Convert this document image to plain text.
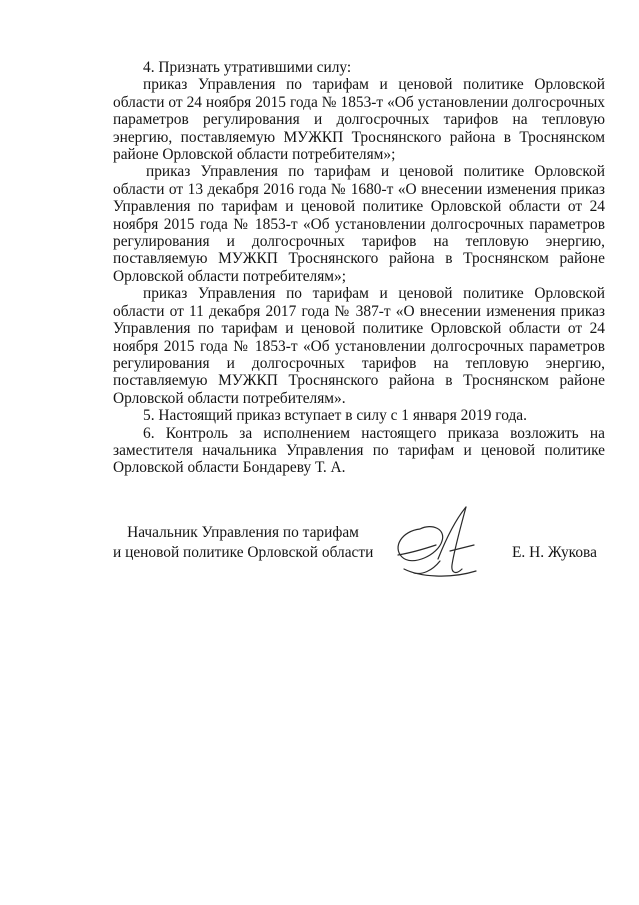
4. Признать утратившими силу:

приказ Управления по тарифам и ценовой политике Орловской области от 24 ноября 2015 года № 1853-т «Об установлении долгосрочных параметров регулирования и долгосрочных тарифов на тепловую энергию, поставляемую МУЖКП Троснянского района в Троснянском районе Орловской области потребителям»;

приказ Управления по тарифам и ценовой политике Орловской области от 13 декабря 2016 года № 1680-т «О внесении изменения приказ Управления по тарифам и ценовой политике Орловской области от 24 ноября 2015 года № 1853-т «Об установлении долгосрочных параметров регулирования и долгосрочных тарифов на тепловую энергию, поставляемую МУЖКП Троснянского района в Троснянском районе Орловской области потребителям»;

приказ Управления по тарифам и ценовой политике Орловской области от 11 декабря 2017 года № 387-т «О внесении изменения приказ Управления по тарифам и ценовой политике Орловской области от 24 ноября 2015 года № 1853-т «Об установлении долгосрочных параметров регулирования и долгосрочных тарифов на тепловую энергию, поставляемую МУЖКП Троснянского района в Троснянском районе Орловской области потребителям».

5. Настоящий приказ вступает в силу с 1 января 2019 года.

6. Контроль за исполнением настоящего приказа возложить на заместителя начальника Управления по тарифам и ценовой политике Орловской области Бондареву Т. А.

Начальник Управления по тарифам
и ценовой политике Орловской области	Е. Н. Жукова
